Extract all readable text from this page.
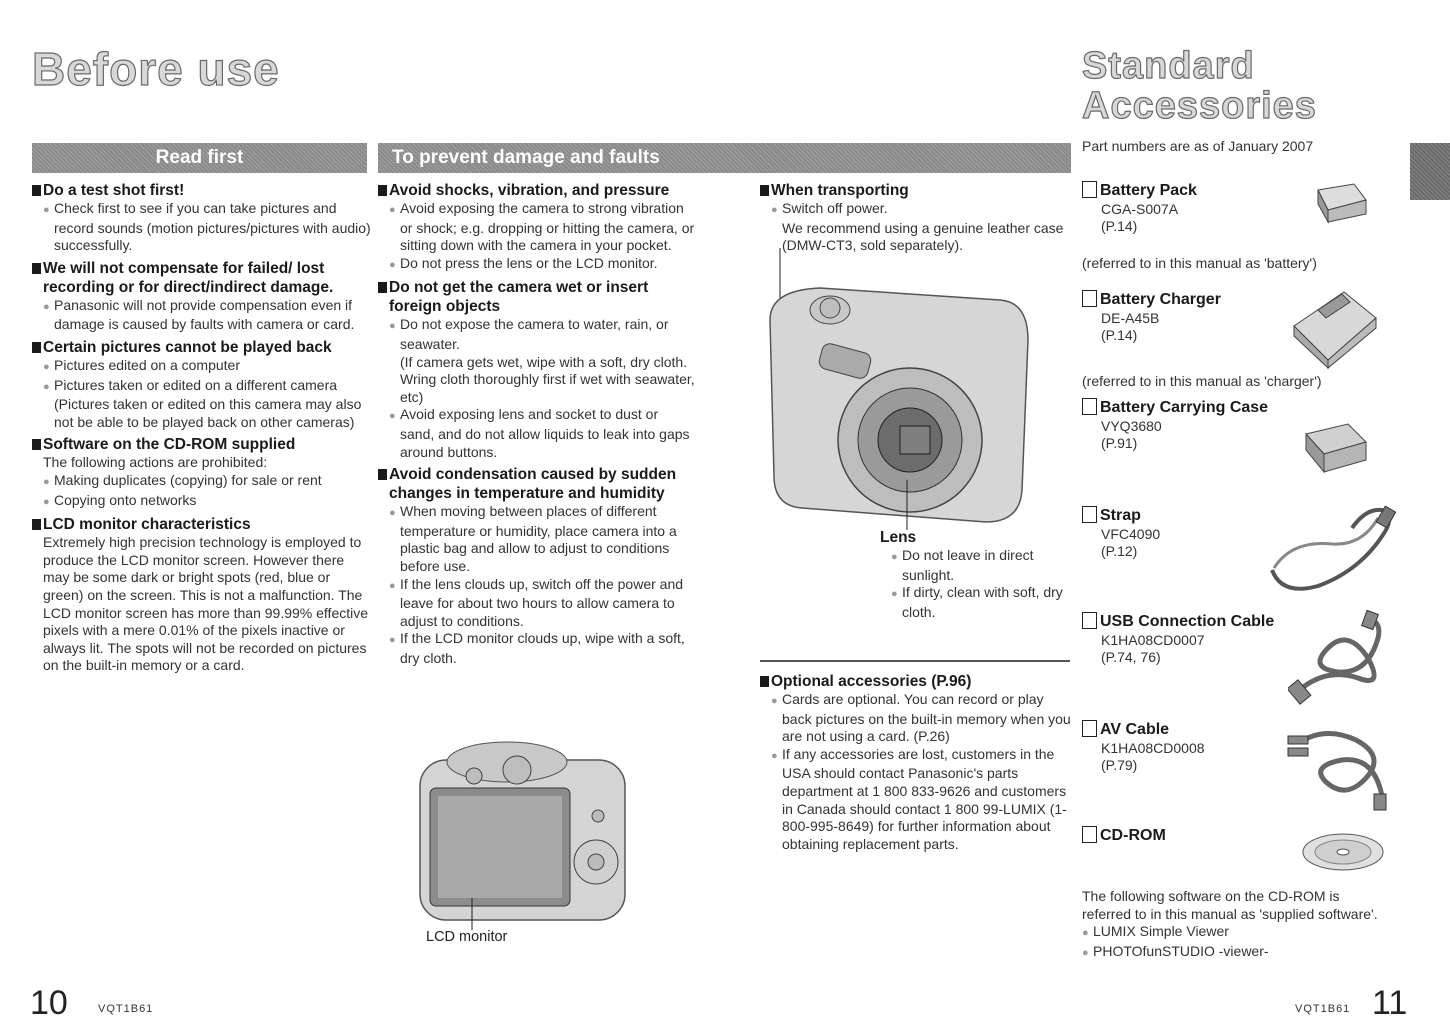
Before use	Standard
Accessories
Read first	To prevent damage and faults
Do a test shot first!
● Check first to see if you can take pictures and record sounds (motion pictures/pictures with audio) successfully.
We will not compensate for failed/ lost recording or for direct/indirect damage.
● Panasonic will not provide compensation even if damage is caused by faults with camera or card.
Certain pictures cannot be played back
● Pictures edited on a computer
● Pictures taken or edited on a different camera
(Pictures taken or edited on this camera may also not be able to be played back on other cameras)
Software on the CD-ROM supplied
The following actions are prohibited:
● Making duplicates (copying) for sale or rent
● Copying onto networks
LCD monitor characteristics
Extremely high precision technology is employed to produce the LCD monitor screen. However there may be some dark or bright spots (red, blue or green) on the screen. This is not a malfunction. The LCD monitor screen has more than 99.99% effective pixels with a mere 0.01% of the pixels inactive or always lit. The spots will not be recorded on pictures on the built-in memory or a card.
Avoid shocks, vibration, and pressure
● Avoid exposing the camera to strong vibration or shock; e.g. dropping or hitting the camera, or sitting down with the camera in your pocket.
● Do not press the lens or the LCD monitor.
Do not get the camera wet or insert foreign objects
● Do not expose the camera to water, rain, or seawater.
(If camera gets wet, wipe with a soft, dry cloth. Wring cloth thoroughly first if wet with seawater, etc)
● Avoid exposing lens and socket to dust or sand, and do not allow liquids to leak into gaps around buttons.
Avoid condensation caused by sudden changes in temperature and humidity
● When moving between places of different temperature or humidity, place camera into a plastic bag and allow to adjust to conditions before use.
● If the lens clouds up, switch off the power and leave for about two hours to allow camera to adjust to conditions.
● If the LCD monitor clouds up, wipe with a soft, dry cloth.
LCD monitor
When transporting
● Switch off power.
We recommend using a genuine leather case (DMW-CT3, sold separately).
Lens
● Do not leave in direct sunlight.
● If dirty, clean with soft, dry cloth.
Optional accessories (P.96)
● Cards are optional. You can record or play back pictures on the built-in memory when you are not using a card. (P.26)
● If any accessories are lost, customers in the USA should contact Panasonic's parts department at 1 800 833-9626 and customers in Canada should contact 1 800 99-LUMIX (1-800-995-8649) for further information about obtaining replacement parts.
Part numbers are as of January 2007
Battery Pack
CGA-S007A
(P.14)
(referred to in this manual as 'battery')
Battery Charger
DE-A45B
(P.14)
(referred to in this manual as 'charger')
Battery Carrying Case
VYQ3680
(P.91)
Strap
VFC4090
(P.12)
USB Connection Cable
K1HA08CD0007
(P.74, 76)
AV Cable
K1HA08CD0008
(P.79)
CD-ROM
The following software on the CD-ROM is referred to in this manual as 'supplied software'.
● LUMIX Simple Viewer
● PHOTOfunSTUDIO -viewer-
10	VQT1B61	VQT1B61 11
